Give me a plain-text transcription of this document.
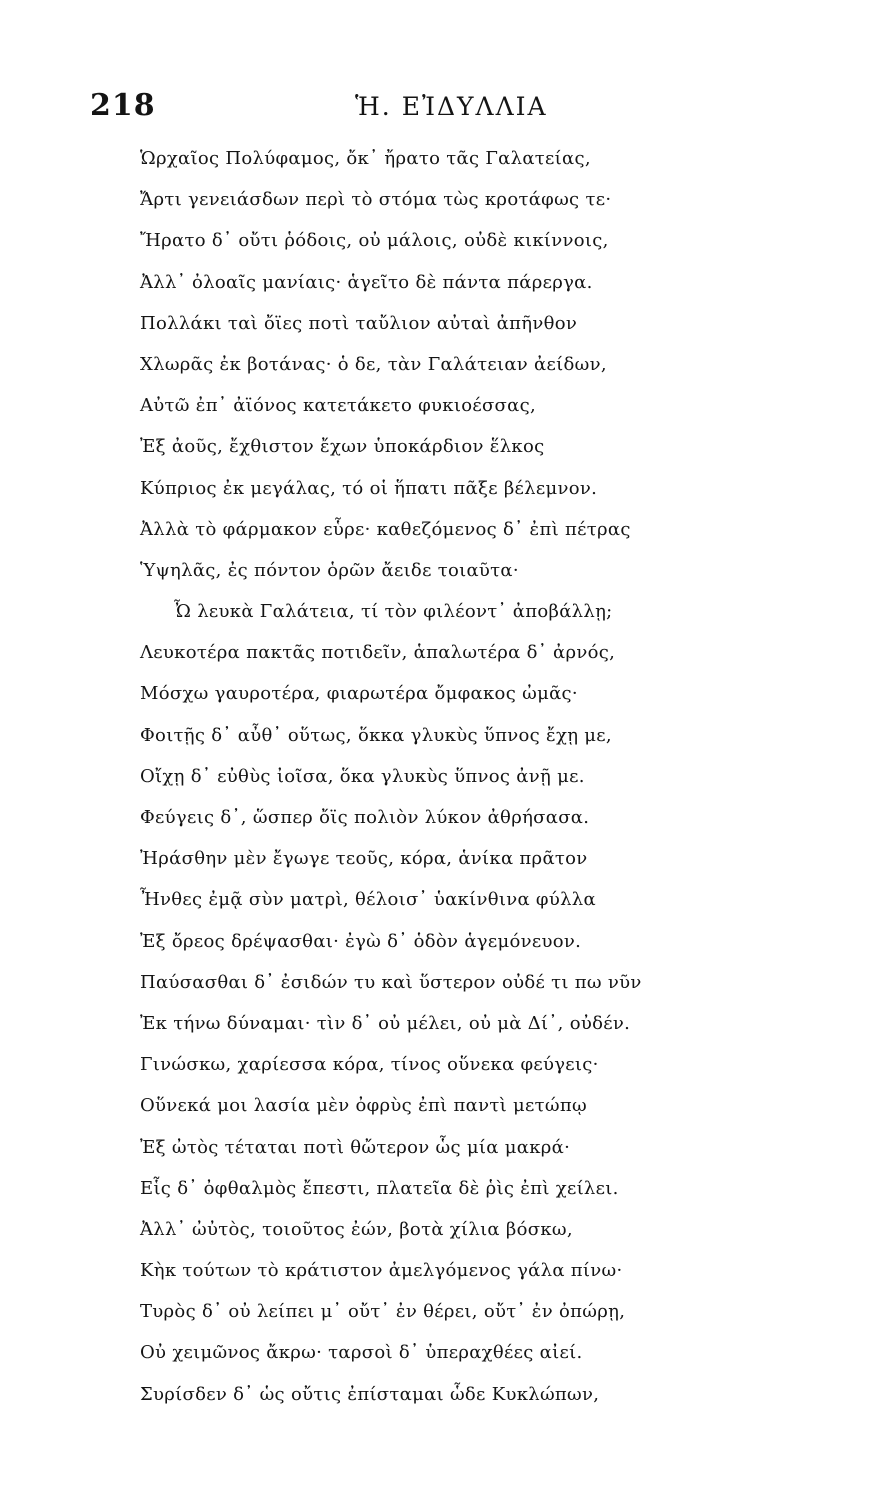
218	Ἡ. ΕἸΔΥΛΛΙΑ
Ὡρχαῖος Πολύφαμος, ὄκ᾽ ἤρατο τᾶς Γαλατείας,
Ἄρτι γενειάσδων περὶ τὸ στόμα τὼς κροτάφως τε·
Ἤρατο δ᾽ οὔτι ῥόδοις, οὐ μάλοις, οὐδὲ κικίννοις,
Ἀλλ᾽ ὀλοαῖς μανίαις· ἁγεῖτο δὲ πάντα πάρεργα.
Πολλάκι ταὶ ὄϊες ποτὶ ταὔλιον αὐταὶ ἀπῆνθον
Χλωρᾶς ἐκ βοτάνας· ὁ δε, τὰν Γαλάτειαν ἀείδων,
Αὐτῶ ἐπ᾽ ἀϊόνος κατετάκετο φυκιοέσσας,
Ἐξ ἀοῦς, ἔχθιστον ἔχων ὑποκάρδιον ἕλκος
Κύπριος ἐκ μεγάλας, τό οἱ ἥπατι πᾶξε βέλεμνον.
Ἀλλὰ τὸ φάρμακον εὗρε· καθεζόμενος δ᾽ ἐπὶ πέτρας
Ὑψηλᾶς, ἐς πόντον ὁρῶν ἄειδε τοιαῦτα·
Ὦ λευκὰ Γαλάτεια, τί τὸν φιλέοντ᾽ ἀποβάλλῃ;
Λευκοτέρα πακτᾶς ποτιδεῖν, ἁπαλωτέρα δ᾽ ἀρνός,
Μόσχω γαυροτέρα, φιαρωτέρα ὄμφακος ὠμᾶς·
Φοιτῇς δ᾽ αὖθ᾽ οὕτως, ὅκκα γλυκὺς ὕπνος ἔχῃ με,
Οἴχῃ δ᾽ εὐθὺς ἰοῖσα, ὅκα γλυκὺς ὕπνος ἀνῇ με.
Φεύγεις δ᾽, ὥσπερ ὄϊς πολιὸν λύκον ἀθρήσασα.
Ἠράσθην μὲν ἔγωγε τεοῦς, κόρα, ἁνίκα πρᾶτον
Ἦνθες ἐμᾷ σὺν ματρὶ, θέλοισ᾽ ὑακίνθινα φύλλα
Ἐξ ὄρεος δρέψασθαι· ἐγὼ δ᾽ ὁδὸν ἁγεμόνευον.
Παύσασθαι δ᾽ ἐσιδών τυ καὶ ὕστερον οὐδέ τι πω νῦν
Ἐκ τήνω δύναμαι· τὶν δ᾽ οὐ μέλει, οὐ μὰ Δί᾽, οὐδέν.
Γινώσκω, χαρίεσσα κόρα, τίνος οὕνεκα φεύγεις·
Οὕνεκά μοι λασία μὲν ὀφρὺς ἐπὶ παντὶ μετώπῳ
Ἐξ ὠτὸς τέταται ποτὶ θὤτερον ὧς μία μακρά·
Εἷς δ᾽ ὀφθαλμὸς ἔπεστι, πλατεῖα δὲ ῥὶς ἐπὶ χείλει.
Ἀλλ᾽ ὠὐτὸς, τοιοῦτος ἐών, βοτὰ χίλια βόσκω,
Κὴκ τούτων τὸ κράτιστον ἀμελγόμενος γάλα πίνω·
Τυρὸς δ᾽ οὐ λείπει μ᾽ οὔτ᾽ ἐν θέρει, οὔτ᾽ ἐν ὀπώρῃ,
Οὐ χειμῶνος ἄκρω· ταρσοὶ δ᾽ ὑπεραχθέες αἰεί.
Συρίσδεν δ᾽ ὡς οὔτις ἐπίσταμαι ὧδε Κυκλώπων,
